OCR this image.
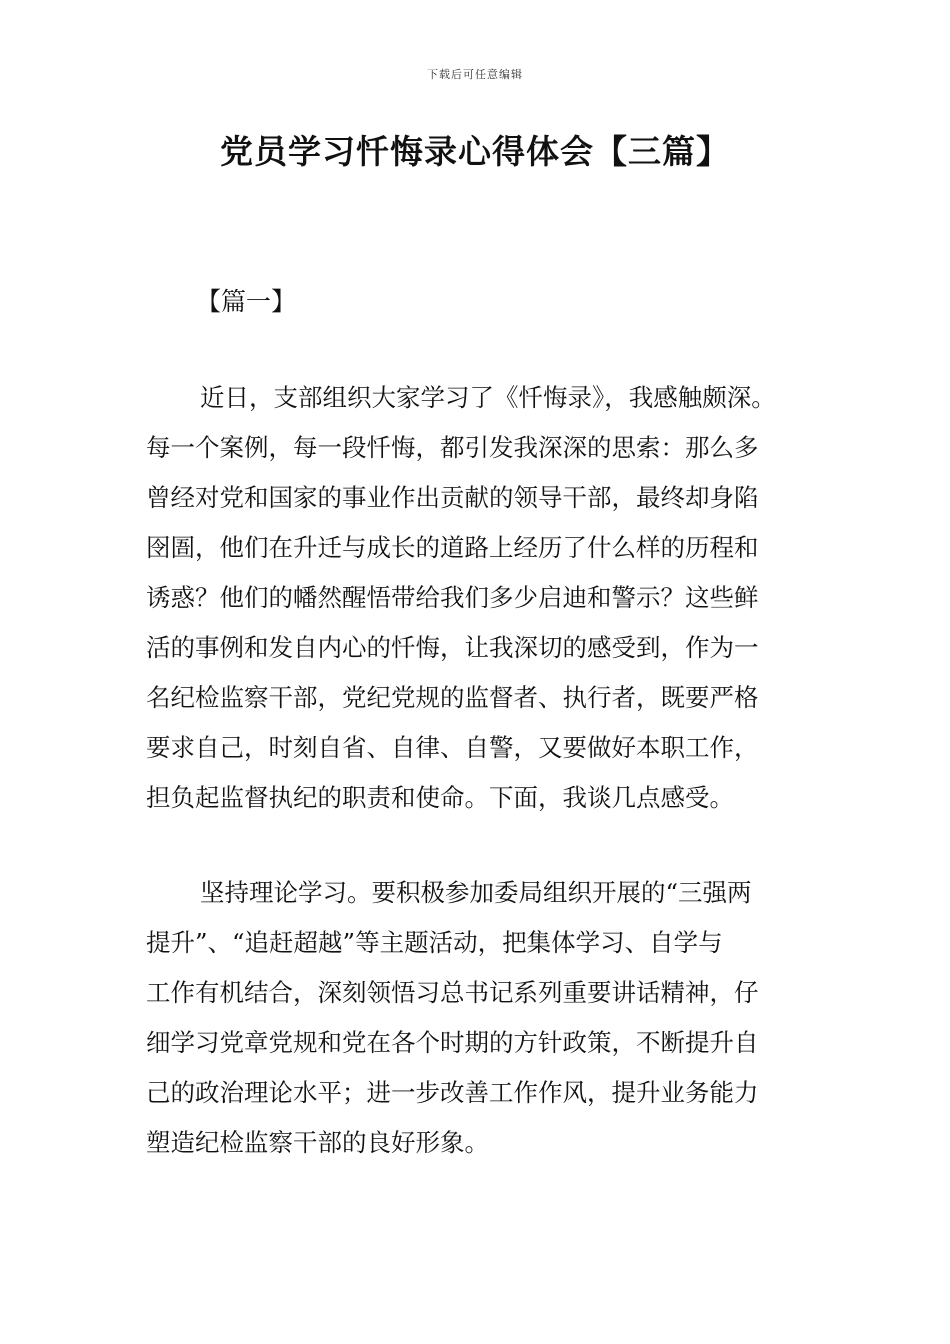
下载后可任意编辑
党员学习忏悔录心得体会【三篇】
【篇一】
近日，支部组织大家学习了《忏悔录》，我感触颇深。
每一个案例，每一段忏悔，都引发我深深的思索：那么多
曾经对党和国家的事业作出贡献的领导干部，最终却身陷
囹圄，他们在升迁与成长的道路上经历了什么样的历程和
诱惑？他们的幡然醒悟带给我们多少启迪和警示？这些鲜
活的事例和发自内心的忏悔，让我深切的感受到，作为一
名纪检监察干部，党纪党规的监督者、执行者，既要严格
要求自己，时刻自省、自律、自警，又要做好本职工作，
担负起监督执纪的职责和使命。下面，我谈几点感受。
坚持理论学习。要积极参加委局组织开展的“三强两
提升”、“追赶超越”等主题活动，把集体学习、自学与
工作有机结合，深刻领悟习总书记系列重要讲话精神，仔
细学习党章党规和党在各个时期的方针政策，不断提升自
己的政治理论水平；进一步改善工作作风，提升业务能力
塑造纪检监察干部的良好形象。
